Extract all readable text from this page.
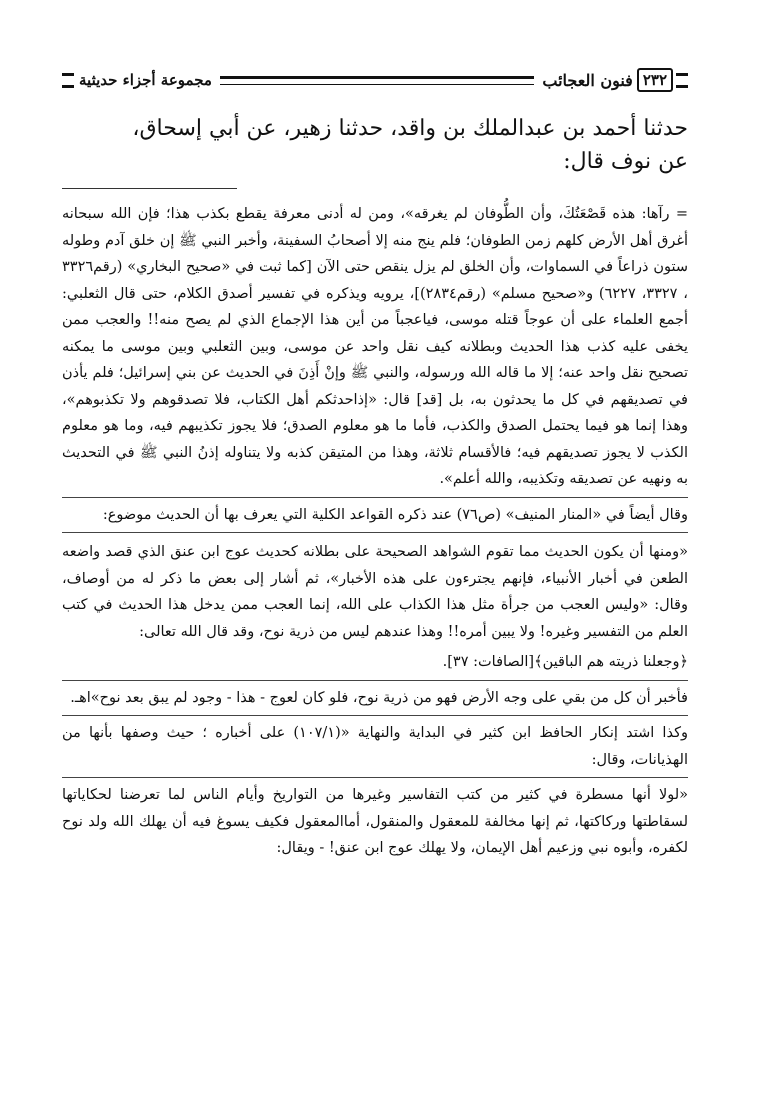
مجموعة أجزاء حديثية	فنون العجائب ٢٣٢

حدثنا أحمد بن عبدالملك بن واقد، حدثنا زهير، عن أبي إسحاق،
عن نوف قال:

= رآها: هذه قَصْعَتُكَ، وأن الطُّوفان لم يغرقه»، ومن له أدنى معرفة يقطع بكذب هذا؛ فإن الله سبحانه أغرق أهل الأرض كلهم زمن الطوفان؛ فلم ينج منه إلا أصحابُ السفينة، وأخبر النبي ﷺ إن خلق آدم وطوله ستون ذراعاً في السماوات، وأن الخلق لم يزل ينقص حتى الآن [كما ثبت في «صحيح البخاري» (رقم٣٣٢٦ ، ٣٣٢٧، ٦٢٢٧) و«صحيح مسلم» (رقم٢٨٣٤)]، يرويه ويذكره في تفسير أصدق الكلام، حتى قال الثعلبي: أجمع العلماء على أن عوجاً قتله موسى، فياعجباً من أين هذا الإجماع الذي لم يصح منه!! والعجب ممن يخفى عليه كذب هذا الحديث وبطلانه كيف نقل واحد عن موسى، وبين الثعلبي وبين موسى ما يمكنه تصحيح نقل واحد عنه؛ إلا ما قاله الله ورسوله، والنبي ﷺ وإنْ أَذِنَ في الحديث عن بني إسرائيل؛ فلم يأذن في تصديقهم في كل ما يحدثون به، بل [قد] قال: «إذاحدثكم أهل الكتاب، فلا تصدقوهم ولا تكذبوهم»، وهذا إنما هو فيما يحتمل الصدق والكذب، فأما ما هو معلوم الصدق؛ فلا يجوز تكذيبهم فيه، وما هو معلوم الكذب لا يجوز تصديقهم فيه؛ فالأقسام ثلاثة، وهذا من المتيقن كذبه ولا يتناوله إذنُ النبي ﷺ في التحديث به ونهيه عن تصديقه وتكذيبه، والله أعلم».

وقال أيضاً في «المنار المنيف» (ص٧٦) عند ذكره القواعد الكلية التي يعرف بها أن الحديث موضوع:

«ومنها أن يكون الحديث مما تقوم الشواهد الصحيحة على بطلانه كحديث عوج ابن عنق الذي قصد واضعه الطعن في أخبار الأنبياء، فإنهم يجترءون على هذه الأخبار»، ثم أشار إلى بعض ما ذكر له من أوصاف، وقال: «وليس العجب من جرأة مثل هذا الكذاب على الله، إنما العجب ممن يدخل هذا الحديث في كتب العلم من التفسير وغيره! ولا يبين أمره!! وهذا عندهم ليس من ذرية نوح، وقد قال الله تعالى:

﴿وجعلنا ذريته هم الباقين﴾[الصافات: ٣٧].

فأخبر أن كل من بقي على وجه الأرض فهو من ذرية نوح، فلو كان لعوج - هذا - وجود لم يبق بعد نوح»اهـ.

وكذا اشتد إنكار الحافظ ابن كثير في البداية والنهاية «(١٠٧/١) على أخباره ؛ حيث وصفها بأنها من الهذيانات، وقال:

«لولا أنها مسطرة في كثير من كتب التفاسير وغيرها من التواريخ وأيام الناس لما تعرضنا لحكاياتها لسقاطتها وركاكتها، ثم إنها مخالفة للمعقول والمنقول، أماالمعقول فكيف يسوغ فيه أن يهلك الله ولد نوح لكفره، وأبوه نبي وزعيم أهل الإيمان، ولا يهلك عوج ابن عنق! - ويقال:
